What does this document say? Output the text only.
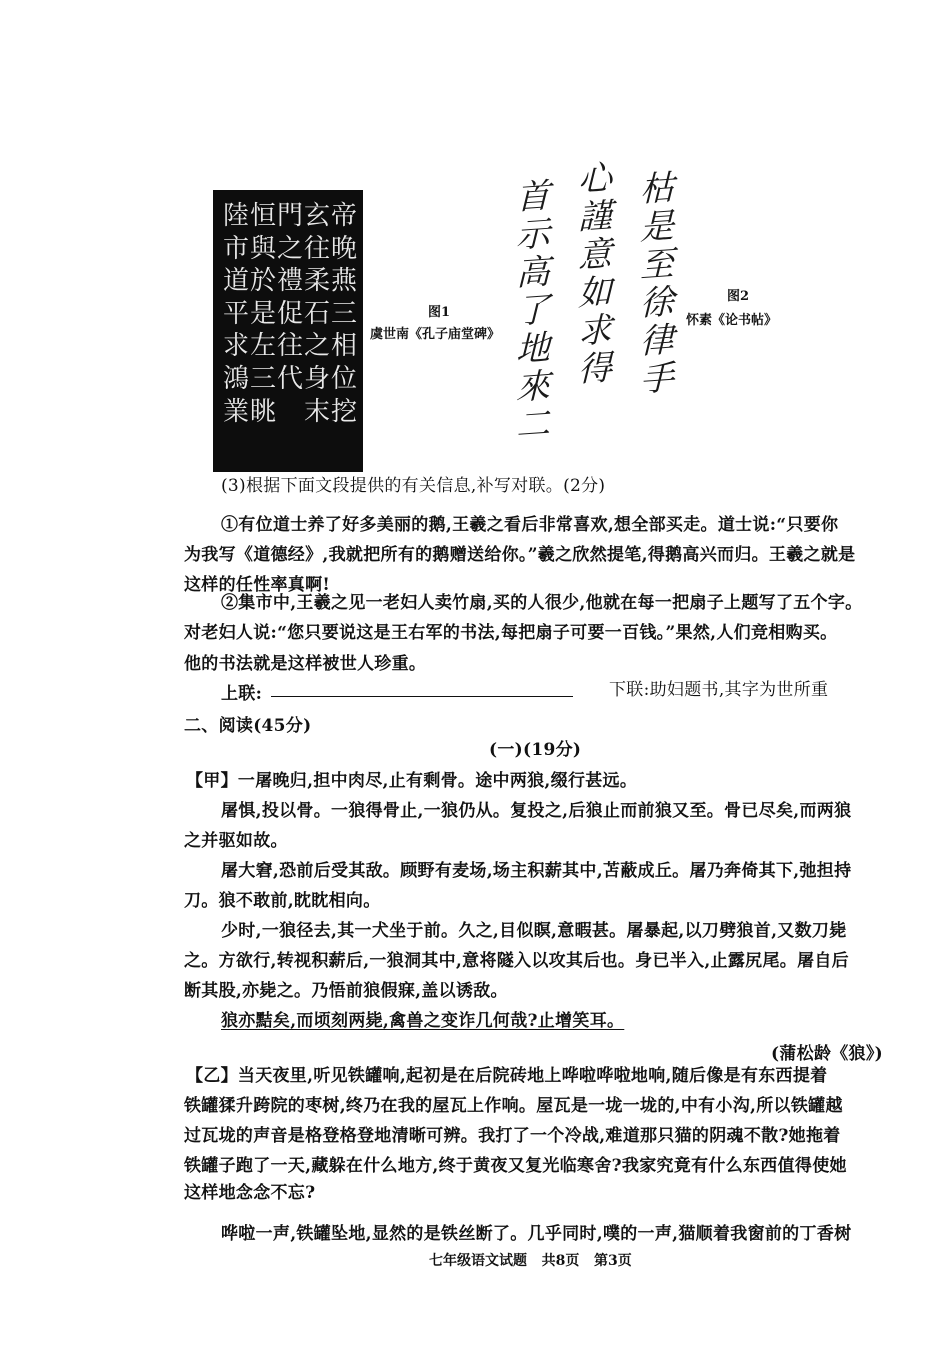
帝晚燕三相位挖
玄往柔石之身末
門之禮促往代
恒與於是左三眺
陸市道平求鴻業
图1
虞世南《孔子庙堂碑》
枯是至徐律手
心謹意如求得
首示高了地來二
图2
怀素《论书帖》
(3)根据下面文段提供的有关信息,补写对联。(2分)
①有位道士养了好多美丽的鹅,王羲之看后非常喜欢,想全部买走。道士说:“只要你
为我写《道德经》,我就把所有的鹅赠送给你。”羲之欣然提笔,得鹅高兴而归。王羲之就是
这样的任性率真啊!
②集市中,王羲之见一老妇人卖竹扇,买的人很少,他就在每一把扇子上题写了五个字。
对老妇人说:“您只要说这是王右军的书法,每把扇子可要一百钱。”果然,人们竞相购买。
他的书法就是这样被世人珍重。
上联:	下联:助妇题书,其字为世所重
二、阅读(45分)
(一)(19分)
【甲】一屠晚归,担中肉尽,止有剩骨。途中两狼,缀行甚远。
屠惧,投以骨。一狼得骨止,一狼仍从。复投之,后狼止而前狼又至。骨已尽矣,而两狼
之并驱如故。
屠大窘,恐前后受其敌。顾野有麦场,场主积薪其中,苫蔽成丘。屠乃奔倚其下,弛担持
刀。狼不敢前,眈眈相向。
少时,一狼径去,其一犬坐于前。久之,目似瞑,意暇甚。屠暴起,以刀劈狼首,又数刀毙
之。方欲行,转视积薪后,一狼洞其中,意将隧入以攻其后也。身已半入,止露尻尾。屠自后
断其股,亦毙之。乃悟前狼假寐,盖以诱敌。
狼亦黠矣,而顷刻两毙,禽兽之变诈几何哉?止增笑耳。
(蒲松龄《狼》)
【乙】当天夜里,听见铁罐响,起初是在后院砖地上哗啦哗啦地响,随后像是有东西提着
铁罐猱升跨院的枣树,终乃在我的屋瓦上作响。屋瓦是一垅一垅的,中有小沟,所以铁罐越
过瓦垅的声音是格登格登地清晰可辨。我打了一个冷战,难道那只猫的阴魂不散?她拖着
铁罐子跑了一天,藏躲在什么地方,终于黄夜又复光临寒舍?我家究竟有什么东西值得使她
这样地念念不忘?
哗啦一声,铁罐坠地,显然的是铁丝断了。几乎同时,噗的一声,猫顺着我窗前的丁香树
七年级语文试题   共8页   第3页
